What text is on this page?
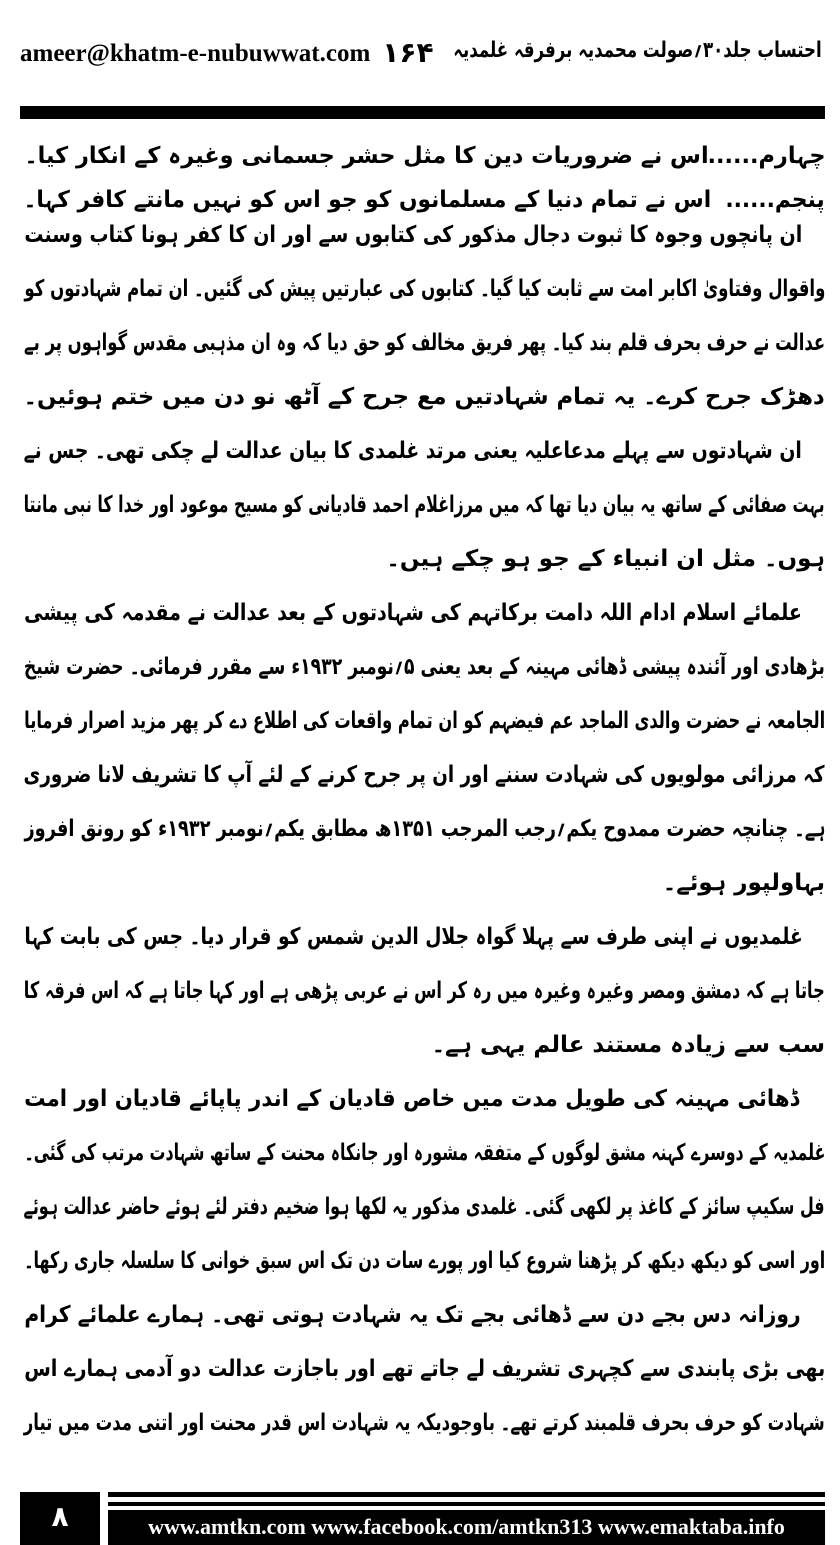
ameer@khatm-e-nubuwwat.com ۱۶۴ احتساب جلد۳۰؍صولت محمدیہ برفرقہ غلمدیہ
چہارم......اس نے ضروریات دین کا مثل حشر جسمانی وغیرہ کے انکار کیا۔
پنجم......اس نے تمام دنیا کے مسلمانوں کو جو اس کو نہیں مانتے کافر کہا۔
ان پانچوں وجوہ کا ثبوت دجال مذکور کی کتابوں سے اور ان کا کفر ہونا کتاب وسنت
واقوال وفتاویٰ اکابر امت سے ثابت کیا گیا۔ کتابوں کی عبارتیں پیش کی گئیں۔ ان تمام شہادتوں کو
عدالت نے حرف بحرف قلم بند کیا۔ پھر فریق مخالف کو حق دیا کہ وہ ان مذہبی مقدس گواہوں پر بے
دھڑک جرح کرے۔ یہ تمام شہادتیں مع جرح کے آٹھ نو دن میں ختم ہوئیں۔
ان شہادتوں سے پہلے مدعاعلیہ یعنی مرتد غلمدی کا بیان عدالت لے چکی تھی۔ جس نے
بہت صفائی کے ساتھ یہ بیان دیا تھا کہ میں مرزاغلام احمد قادیانی کو مسیح موعود اور خدا کا نبی مانتا
ہوں۔ مثل ان انبیاء کے جو ہو چکے ہیں۔
علمائے اسلام ادام اللہ دامت برکاتہم کی شہادتوں کے بعد عدالت نے مقدمہ کی پیشی
بڑھادی اور آئندہ پیشی ڈھائی مہینہ کے بعد یعنی ۵؍نومبر ۱۹۳۲ء سے مقرر فرمائی۔ حضرت شیخ
الجامعہ نے حضرت والدی الماجد عم فیضہم کو ان تمام واقعات کی اطلاع دے کر پھر مزید اصرار فرمایا
کہ مرزائی مولویوں کی شہادت سننے اور ان پر جرح کرنے کے لئے آپ کا تشریف لانا ضروری
ہے۔ چنانچہ حضرت ممدوح یکم؍رجب المرجب ۱۳۵۱ھ مطابق یکم؍نومبر ۱۹۳۲ء کو رونق افروز
بہاولپور ہوئے۔
غلمدیوں نے اپنی طرف سے پہلا گواہ جلال الدین شمس کو قرار دیا۔ جس کی بابت کہا
جاتا ہے کہ دمشق ومصر وغیرہ وغیرہ میں رہ کر اس نے عربی پڑھی ہے اور کہا جاتا ہے کہ اس فرقہ کا
سب سے زیادہ مستند عالم یہی ہے۔
ڈھائی مہینہ کی طویل مدت میں خاص قادیان کے اندر پاپائے قادیان اور امت
غلمدیہ کے دوسرے کہنہ مشق لوگوں کے متفقہ مشورہ اور جانکاہ محنت کے ساتھ شہادت مرتب کی گئی۔
فل سکیپ سائز کے کاغذ پر لکھی گئی۔ غلمدی مذکور یہ لکھا ہوا ضخیم دفتر لئے ہوئے حاضر عدالت ہوئے
اور اسی کو دیکھ دیکھ کر پڑھنا شروع کیا اور پورے سات دن تک اس سبق خوانی کا سلسلہ جاری رکھا۔
روزانہ دس بجے دن سے ڈھائی بجے تک یہ شہادت ہوتی تھی۔ ہمارے علمائے کرام
بھی بڑی پابندی سے کچہری تشریف لے جاتے تھے اور باجازت عدالت دو آدمی ہمارے اس
شہادت کو حرف بحرف قلمبند کرتے تھے۔ باوجودیکہ یہ شہادت اس قدر محنت اور اتنی مدت میں تیار
۸	www.amtkn.com www.facebook.com/amtkn313 www.emaktaba.info
